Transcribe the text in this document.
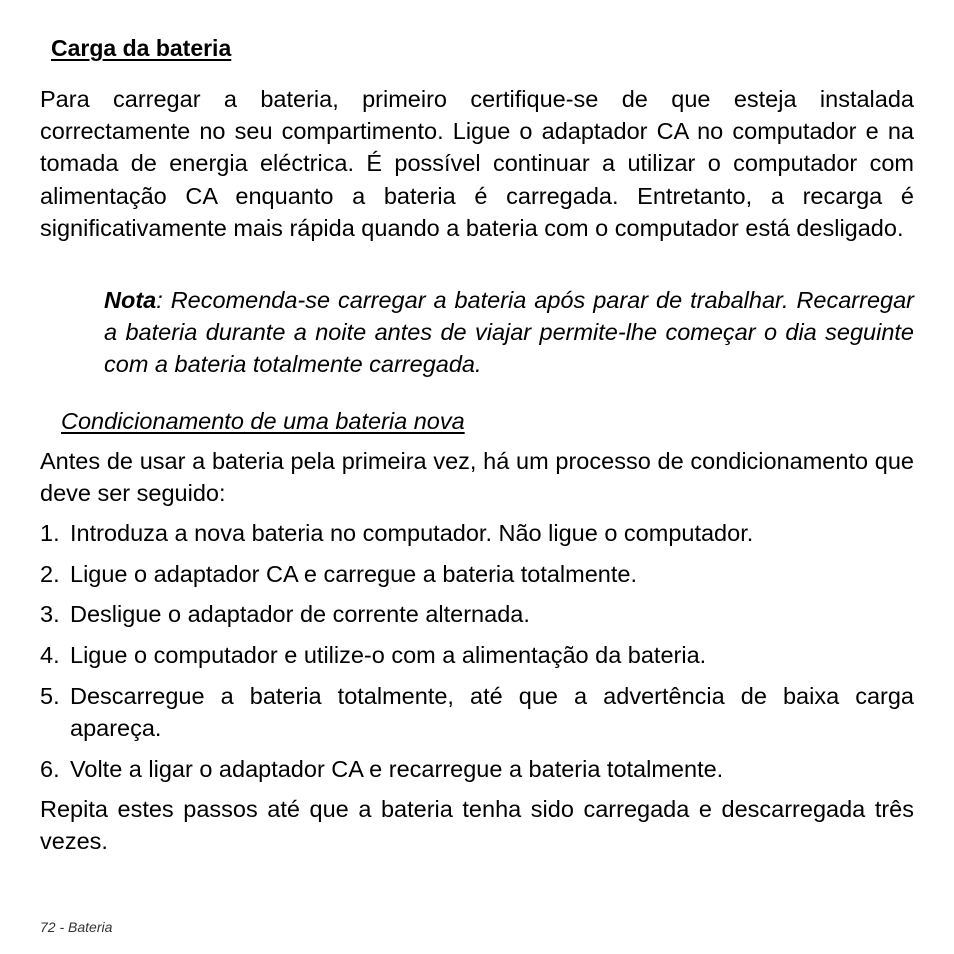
Carga da bateria

Para carregar a bateria, primeiro certifique-se de que esteja instalada correctamente no seu compartimento. Ligue o adaptador CA no computador e na tomada de energia eléctrica. É possível continuar a utilizar o computador com alimentação CA enquanto a bateria é carregada. Entretanto, a recarga é significativamente mais rápida quando a bateria com o computador está desligado.

Nota: Recomenda-se carregar a bateria após parar de trabalhar. Recarregar a bateria durante a noite antes de viajar permite-lhe começar o dia seguinte com a bateria totalmente carregada.

Condicionamento de uma bateria nova

Antes de usar a bateria pela primeira vez, há um processo de condicionamento que deve ser seguido:

1. Introduza a nova bateria no computador. Não ligue o computador.
2. Ligue o adaptador CA e carregue a bateria totalmente.
3. Desligue o adaptador de corrente alternada.
4. Ligue o computador e utilize-o com a alimentação da bateria.
5. Descarregue a bateria totalmente, até que a advertência de baixa carga apareça.
6. Volte a ligar o adaptador CA e recarregue a bateria totalmente.

Repita estes passos até que a bateria tenha sido carregada e descarregada três vezes.

72 - Bateria
